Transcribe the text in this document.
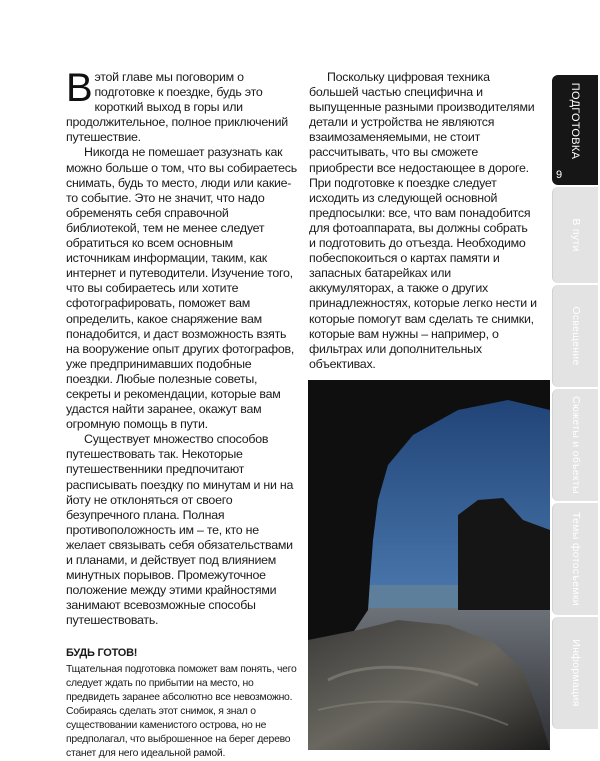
В этой главе мы поговорим о подготовке к поездке, будь это короткий выход в горы или продолжительное, полное приключений путешествие.

Никогда не помешает разузнать как можно больше о том, что вы собираетесь снимать, будь то место, люди или какие-то событие. Это не значит, что надо обременять себя справочной библиотекой, тем не менее следует обратиться ко всем основным источникам информации, таким, как интернет и путеводители. Изучение того, что вы собираетесь или хотите сфотографировать, поможет вам определить, какое снаряжение вам понадобится, и даст возможность взять на вооружение опыт других фотографов, уже предпринимавших подобные поездки. Любые полезные советы, секреты и рекомендации, которые вам удастся найти заранее, окажут вам огромную помощь в пути.

Существует множество способов путешествовать так. Некоторые путешественники предпочитают расписывать поездку по минутам и ни на йоту не отклоняться от своего безупречного плана. Полная противоположность им – те, кто не желает связывать себя обязательствами и планами, и действует под влиянием минутных порывов. Промежуточное положение между этими крайностями занимают всевозможные способы путешествовать.

БУДЬ ГОТОВ!

Тщательная подготовка поможет вам понять, чего следует ждать по прибытии на место, но предвидеть заранее абсолютно все невозможно. Собираясь сделать этот снимок, я знал о существовании каменистого острова, но не предполагал, что выброшенное на берег дерево станет для него идеальной рамой.

Поскольку цифровая техника большей частью специфична и выпущенные разными производителями детали и устройства не являются взаимозаменяемыми, не стоит рассчитывать, что вы сможете приобрести все недостающее в дороге. При подготовке к поездке следует исходить из следующей основной предпосылки: все, что вам понадобится для фотоаппарата, вы должны собрать и подготовить до отъезда. Необходимо побеспокоиться о картах памяти и запасных батарейках или аккумуляторах, а также о других принадлежностях, которые легко нести и которые помогут вам сделать те снимки, которые вам нужны – например, о фильтрах или дополнительных объективах.

ПОДГОТОВКА
9
В пути
Освещение
Сюжеты и объекты
Темы фотосъемки
Информация
